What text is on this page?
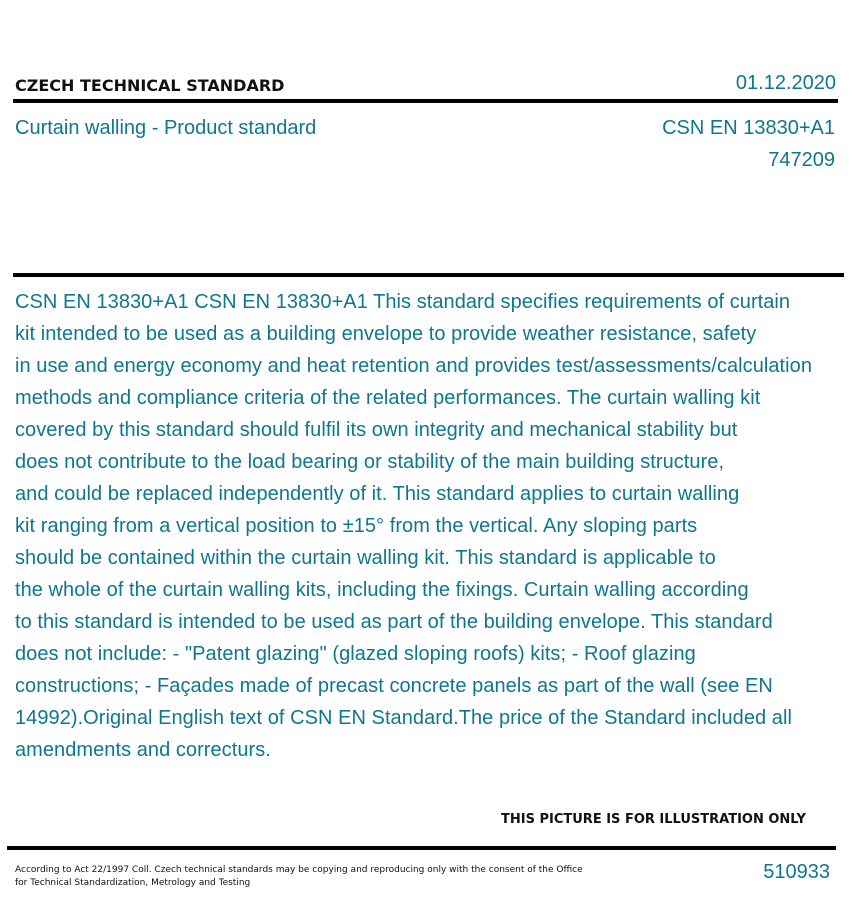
CZECH TECHNICAL STANDARD	01.12.2020
Curtain walling - Product standard	CSN EN 13830+A1
747209
CSN EN 13830+A1 CSN EN 13830+A1 This standard specifies requirements of curtain
kit intended to be used as a building envelope to provide weather resistance, safety
in use and energy economy and heat retention and provides test/assessments/calculation
methods and compliance criteria of the related performances. The curtain walling kit
covered by this standard should fulfil its own integrity and mechanical stability but
does not contribute to the load bearing or stability of the main building structure,
and could be replaced independently of it. This standard applies to curtain walling
kit ranging from a vertical position to ±15° from the vertical. Any sloping parts
should be contained within the curtain walling kit. This standard is applicable to
the whole of the curtain walling kits, including the fixings. Curtain walling according
to this standard is intended to be used as part of the building envelope. This standard
does not include: - "Patent glazing" (glazed sloping roofs) kits; - Roof glazing
constructions; - Façades made of precast concrete panels as part of the wall (see EN
14992).Original English text of CSN EN Standard.The price of the Standard included all
amendments and correcturs.
THIS PICTURE IS FOR ILLUSTRATION ONLY
According to Act 22/1997 Coll. Czech technical standards may be copying and reproducing only with the consent of the Office
for Technical Standardization, Metrology and Testing	510933
